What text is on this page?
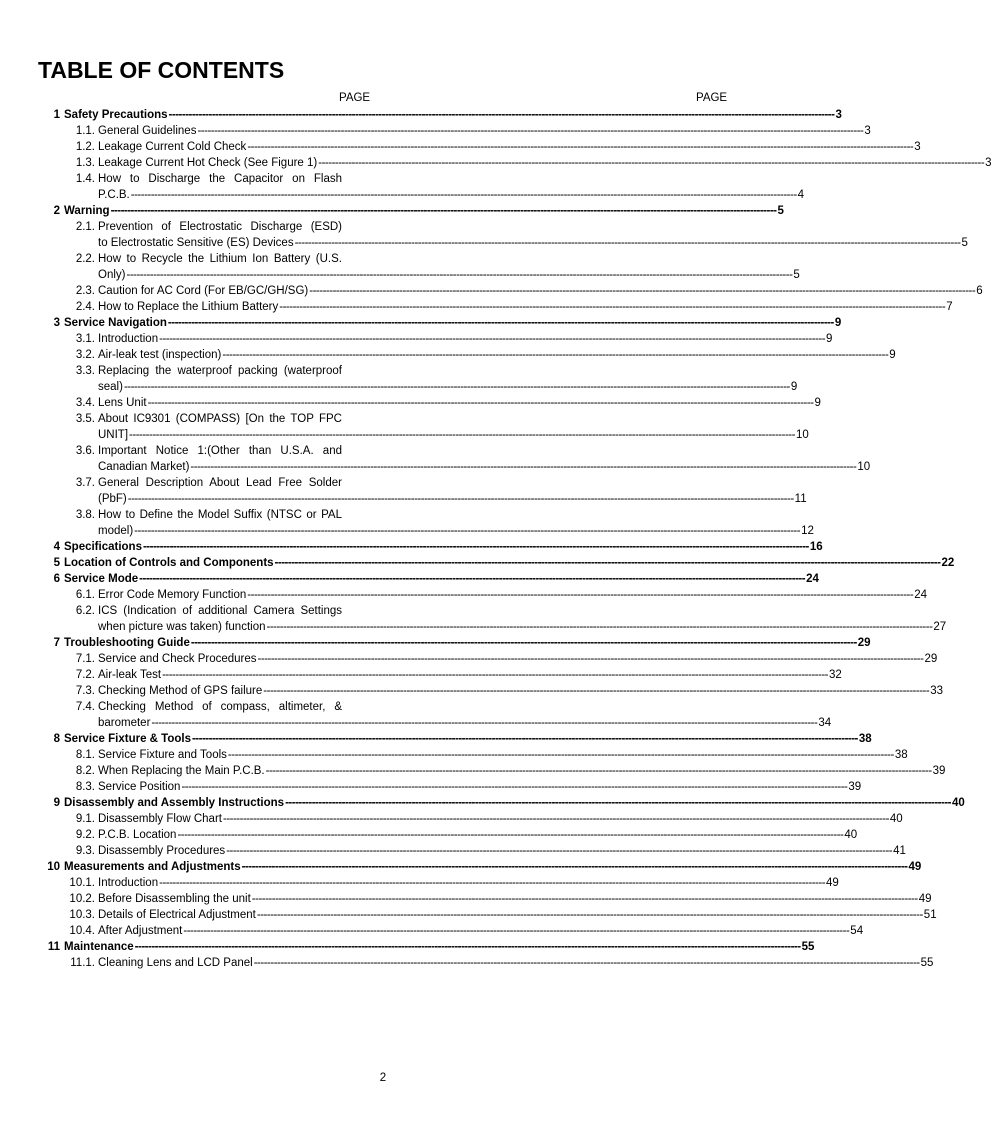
TABLE OF CONTENTS
PAGE	PAGE
1 Safety Precautions -------------------------------------------------------------------------------------------------------------------------------------------------------------------------------------------------------- 3
1.1. General Guidelines -------------------------------------------------------------------------------------------------------------------------------------------------------------------------------------------------------- 3
1.2. Leakage Current Cold Check -------------------------------------------------------------------------------------------------------------------------------------------------------------------------------------------------------- 3
1.3. Leakage Current Hot Check (See Figure 1) -------------------------------------------------------------------------------------------------------------------------------------------------------------------------------------------------------- 3
1.4. How to Discharge the Capacitor on Flash
P.C.B. -------------------------------------------------------------------------------------------------------------------------------------------------------------------------------------------------------- 4
2 Warning -------------------------------------------------------------------------------------------------------------------------------------------------------------------------------------------------------- 5
2.1. Prevention of Electrostatic Discharge (ESD)
to Electrostatic Sensitive (ES) Devices -------------------------------------------------------------------------------------------------------------------------------------------------------------------------------------------------------- 5
2.2. How to Recycle the Lithium Ion Battery (U.S.
Only) -------------------------------------------------------------------------------------------------------------------------------------------------------------------------------------------------------- 5
2.3. Caution for AC Cord (For EB/GC/GH/SG) -------------------------------------------------------------------------------------------------------------------------------------------------------------------------------------------------------- 6
2.4. How to Replace the Lithium Battery -------------------------------------------------------------------------------------------------------------------------------------------------------------------------------------------------------- 7
3 Service Navigation -------------------------------------------------------------------------------------------------------------------------------------------------------------------------------------------------------- 9
3.1. Introduction -------------------------------------------------------------------------------------------------------------------------------------------------------------------------------------------------------- 9
3.2. Air-leak test (inspection) -------------------------------------------------------------------------------------------------------------------------------------------------------------------------------------------------------- 9
3.3. Replacing the waterproof packing (waterproof
seal) -------------------------------------------------------------------------------------------------------------------------------------------------------------------------------------------------------- 9
3.4. Lens Unit -------------------------------------------------------------------------------------------------------------------------------------------------------------------------------------------------------- 9
3.5. About IC9301 (COMPASS) [On the TOP FPC
UNIT] -------------------------------------------------------------------------------------------------------------------------------------------------------------------------------------------------------- 10
3.6. Important Notice 1:(Other than U.S.A. and
Canadian Market) -------------------------------------------------------------------------------------------------------------------------------------------------------------------------------------------------------- 10
3.7. General Description About Lead Free Solder
(PbF) -------------------------------------------------------------------------------------------------------------------------------------------------------------------------------------------------------- 11
3.8. How to Define the Model Suffix (NTSC or PAL
model) -------------------------------------------------------------------------------------------------------------------------------------------------------------------------------------------------------- 12
4 Specifications -------------------------------------------------------------------------------------------------------------------------------------------------------------------------------------------------------- 16
5 Location of Controls and Components -------------------------------------------------------------------------------------------------------------------------------------------------------------------------------------------------------- 22
6 Service Mode -------------------------------------------------------------------------------------------------------------------------------------------------------------------------------------------------------- 24
6.1. Error Code Memory Function -------------------------------------------------------------------------------------------------------------------------------------------------------------------------------------------------------- 24
6.2. ICS (Indication of additional Camera Settings
when picture was taken) function -------------------------------------------------------------------------------------------------------------------------------------------------------------------------------------------------------- 27
7 Troubleshooting Guide -------------------------------------------------------------------------------------------------------------------------------------------------------------------------------------------------------- 29
7.1. Service and Check Procedures -------------------------------------------------------------------------------------------------------------------------------------------------------------------------------------------------------- 29
7.2. Air-leak Test -------------------------------------------------------------------------------------------------------------------------------------------------------------------------------------------------------- 32
7.3. Checking Method of GPS failure -------------------------------------------------------------------------------------------------------------------------------------------------------------------------------------------------------- 33
7.4. Checking Method of compass, altimeter, &
barometer -------------------------------------------------------------------------------------------------------------------------------------------------------------------------------------------------------- 34
8 Service Fixture & Tools -------------------------------------------------------------------------------------------------------------------------------------------------------------------------------------------------------- 38
8.1. Service Fixture and Tools -------------------------------------------------------------------------------------------------------------------------------------------------------------------------------------------------------- 38
8.2. When Replacing the Main P.C.B. -------------------------------------------------------------------------------------------------------------------------------------------------------------------------------------------------------- 39
8.3. Service Position -------------------------------------------------------------------------------------------------------------------------------------------------------------------------------------------------------- 39
9 Disassembly and Assembly Instructions -------------------------------------------------------------------------------------------------------------------------------------------------------------------------------------------------------- 40
9.1. Disassembly Flow Chart -------------------------------------------------------------------------------------------------------------------------------------------------------------------------------------------------------- 40
9.2. P.C.B. Location -------------------------------------------------------------------------------------------------------------------------------------------------------------------------------------------------------- 40
9.3. Disassembly Procedures -------------------------------------------------------------------------------------------------------------------------------------------------------------------------------------------------------- 41
10 Measurements and Adjustments -------------------------------------------------------------------------------------------------------------------------------------------------------------------------------------------------------- 49
10.1. Introduction -------------------------------------------------------------------------------------------------------------------------------------------------------------------------------------------------------- 49
10.2. Before Disassembling the unit -------------------------------------------------------------------------------------------------------------------------------------------------------------------------------------------------------- 49
10.3. Details of Electrical Adjustment -------------------------------------------------------------------------------------------------------------------------------------------------------------------------------------------------------- 51
10.4. After Adjustment -------------------------------------------------------------------------------------------------------------------------------------------------------------------------------------------------------- 54
11 Maintenance -------------------------------------------------------------------------------------------------------------------------------------------------------------------------------------------------------- 55
11.1. Cleaning Lens and LCD Panel -------------------------------------------------------------------------------------------------------------------------------------------------------------------------------------------------------- 55
2
